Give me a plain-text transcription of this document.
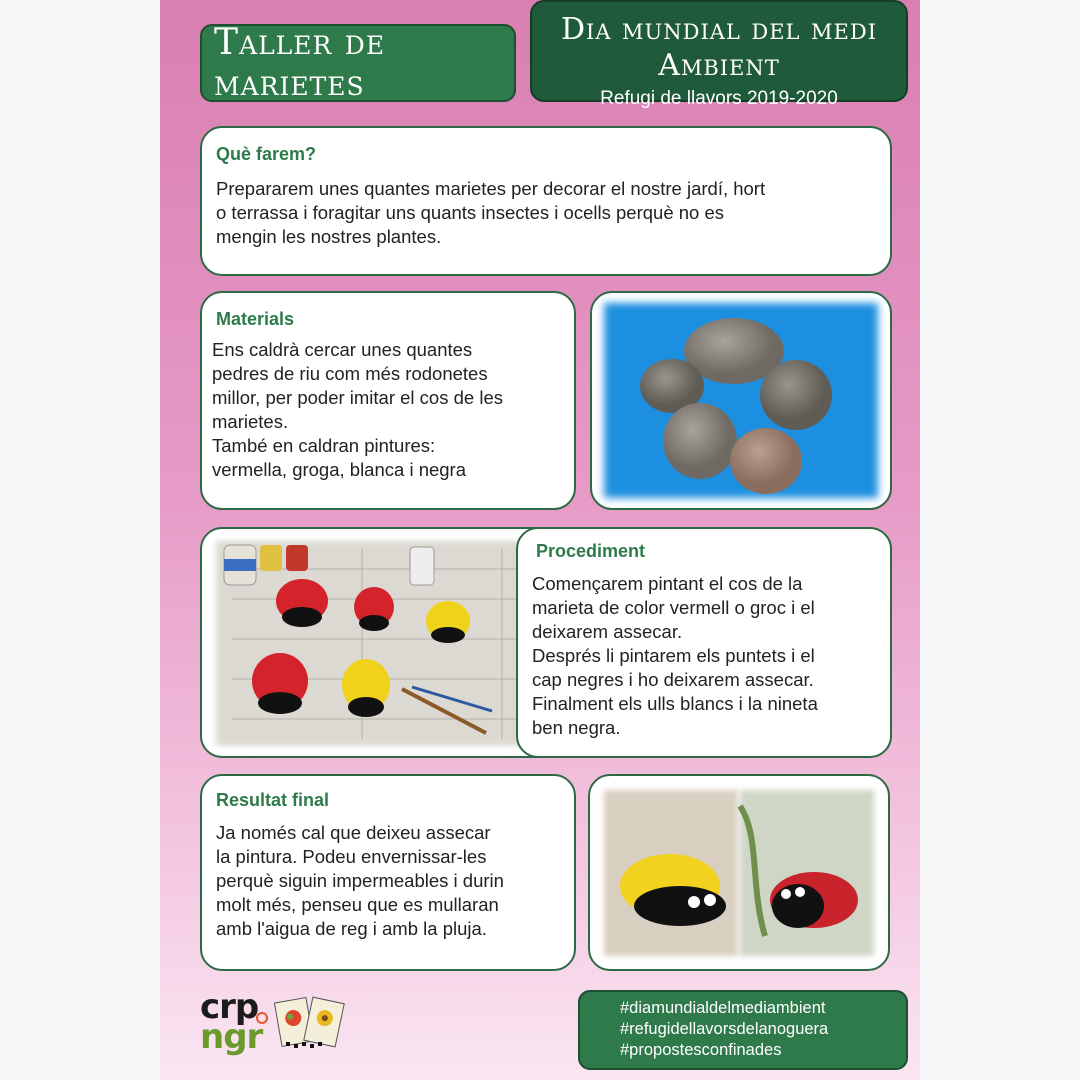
Taller de marietes
Dia mundial del medi Ambient
Refugi de llavors 2019-2020
Què farem?

Prepararem unes quantes marietes per decorar el nostre jardí, hort
o terrassa i foragitar uns quants insectes i ocells perquè no es
mengin les nostres plantes.

Materials

Ens caldrà cercar unes quantes
pedres de riu com més rodonetes
millor, per poder imitar el cos de les
marietes.
També en caldran pintures:
vermella, groga, blanca i negra

Procediment

Començarem pintant el cos de la
marieta de color vermell o groc i el
deixarem assecar.
Després li pintarem els puntets i el
cap negres i ho deixarem assecar.
Finalment els ulls blancs i la nineta
ben negra.

Resultat final

Ja només cal que deixeu assecar
la pintura. Podeu envernissar-les
perquè siguin impermeables i durin
molt més, penseu que es mullaran
amb l'aigua de reg i amb la pluja.

crp
ngr
#diamundialdelmediambient
#refugidellavorsdelanoguera
#propostesconfinades
